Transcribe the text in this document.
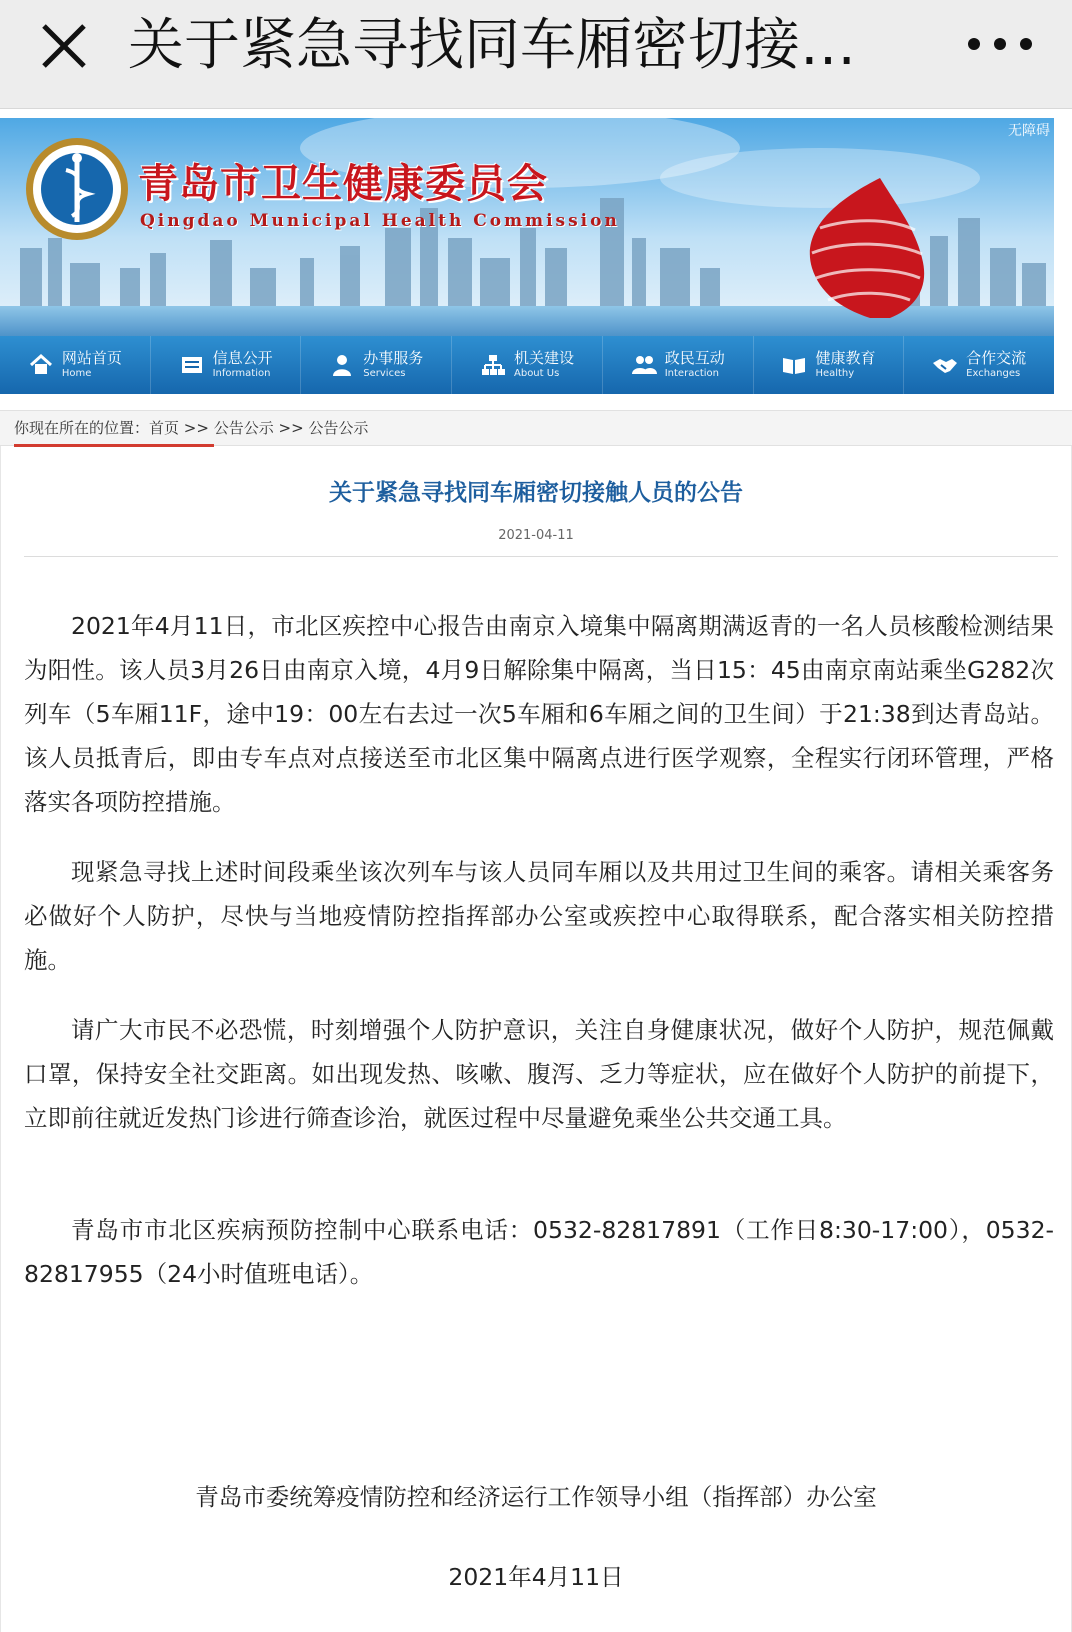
关于紧急寻找同车厢密切接…
无障碍
青岛市卫生健康委员会
Qingdao Municipal Health Commission
网站首页
Home
信息公开
Information
办事服务
Services
机关建设
About Us
政民互动
Interaction
健康教育
Healthy
合作交流
Exchanges
你现在所在的位置：首页 >> 公告公示 >> 公告公示
关于紧急寻找同车厢密切接触人员的公告
2021-04-11
2021年4月11日，市北区疾控中心报告由南京入境集中隔离期满返青的一名人员核酸检测结果为阳性。该人员3月26日由南京入境，4月9日解除集中隔离，当日15：45由南京南站乘坐G282次列车（5车厢11F，途中19：00左右去过一次5车厢和6车厢之间的卫生间）于21:38到达青岛站。该人员抵青后，即由专车点对点接送至市北区集中隔离点进行医学观察，全程实行闭环管理，严格落实各项防控措施。
现紧急寻找上述时间段乘坐该次列车与该人员同车厢以及共用过卫生间的乘客。请相关乘客务必做好个人防护，尽快与当地疫情防控指挥部办公室或疾控中心取得联系，配合落实相关防控措施。
请广大市民不必恐慌，时刻增强个人防护意识，关注自身健康状况，做好个人防护，规范佩戴口罩，保持安全社交距离。如出现发热、咳嗽、腹泻、乏力等症状，应在做好个人防护的前提下，立即前往就近发热门诊进行筛查诊治，就医过程中尽量避免乘坐公共交通工具。
青岛市市北区疾病预防控制中心联系电话：0532-82817891（工作日8:30-17:00），0532-82817955（24小时值班电话）。
青岛市委统筹疫情防控和经济运行工作领导小组（指挥部）办公室
2021年4月11日
